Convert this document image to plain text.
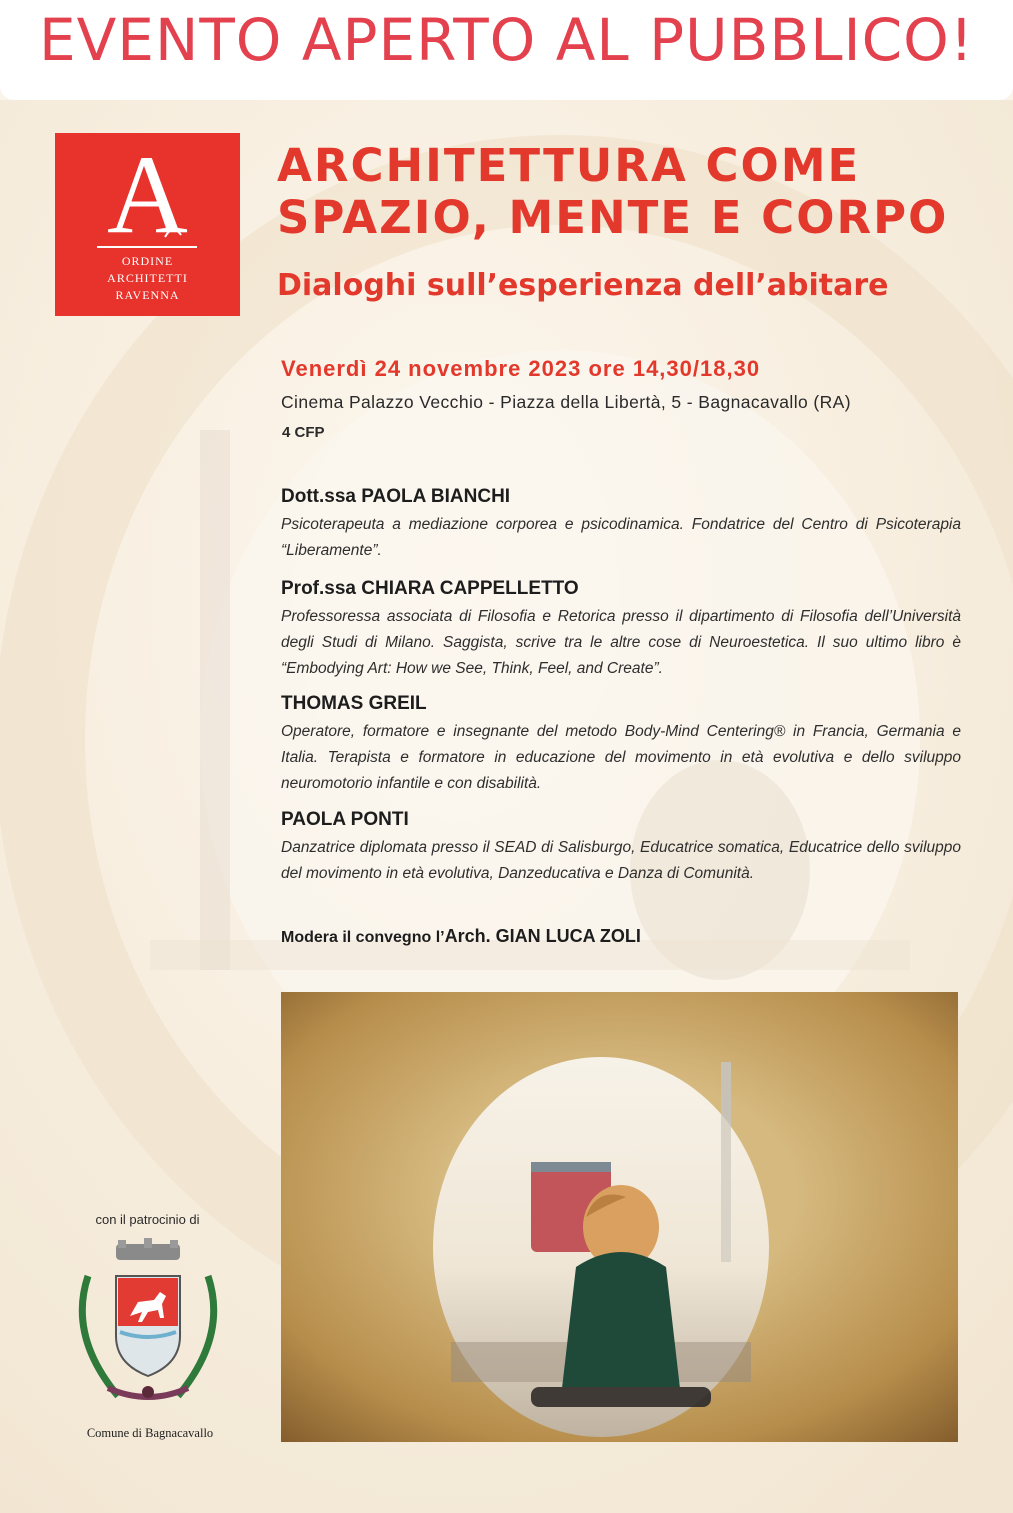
EVENTO APERTO AL PUBBLICO!
A
ORDINE
ARCHITETTI
RAVENNA
ARCHITETTURA COME
SPAZIO, MENTE E CORPO
Dialoghi sull’esperienza dell’abitare
Venerdì 24 novembre 2023 ore 14,30/18,30
Cinema Palazzo Vecchio - Piazza della Libertà, 5 - Bagnacavallo (RA)
4 CFP
Dott.ssa PAOLA BIANCHI

Psicoterapeuta a mediazione corporea e psicodinamica. Fondatrice del Centro di Psicoterapia “Liberamente”.

Prof.ssa CHIARA CAPPELLETTO

Professoressa associata di Filosofia e Retorica presso il dipartimento di Filosofia dell’Università degli Studi di Milano. Saggista, scrive tra le altre cose di Neuroestetica. Il suo ultimo libro è “Embodying Art: How we See, Think, Feel, and Create”.

THOMAS GREIL

Operatore, formatore e insegnante del metodo Body-Mind Centering® in Francia, Germania e Italia. Terapista e formatore in educazione del movimento in età evolutiva e dello sviluppo neuromotorio infantile e con disabilità.

PAOLA PONTI

Danzatrice diplomata presso il SEAD di Salisburgo, Educatrice somatica, Educatrice dello sviluppo del movimento in età evolutiva, Danzeducativa e Danza di Comunità.

Modera il convegno l’Arch. GIAN LUCA ZOLI
con il patrocinio di
Comune di Bagnacavallo
